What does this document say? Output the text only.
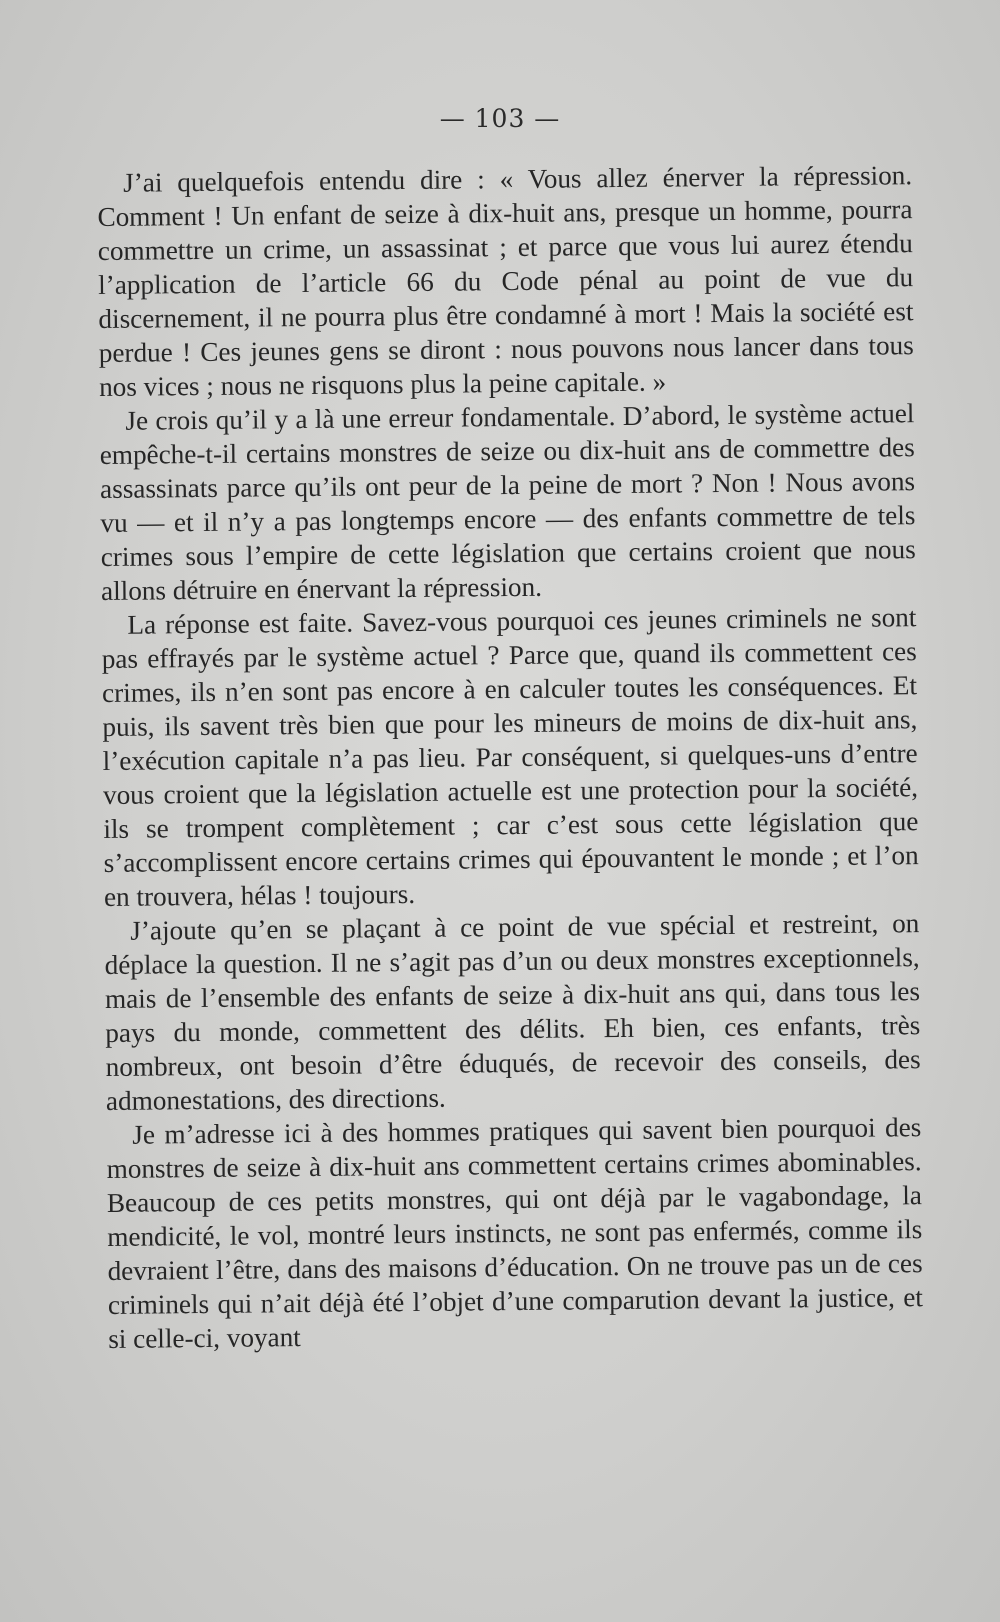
— 103 —

J’ai quelquefois entendu dire : « Vous allez énerver la répression. Comment ! Un enfant de seize à dix-huit ans, presque un homme, pourra commettre un crime, un assassinat ; et parce que vous lui aurez étendu l’application de l’article 66 du Code pénal au point de vue du discernement, il ne pourra plus être condamné à mort ! Mais la société est perdue ! Ces jeunes gens se diront : nous pouvons nous lancer dans tous nos vices ; nous ne risquons plus la peine capitale. »

Je crois qu’il y a là une erreur fondamentale. D’abord, le système actuel empêche-t-il certains monstres de seize ou dix-huit ans de commettre des assassinats parce qu’ils ont peur de la peine de mort ? Non ! Nous avons vu — et il n’y a pas longtemps encore — des enfants commettre de tels crimes sous l’empire de cette législation que certains croient que nous allons détruire en énervant la répression.

La réponse est faite. Savez-vous pourquoi ces jeunes criminels ne sont pas effrayés par le système actuel ? Parce que, quand ils commettent ces crimes, ils n’en sont pas encore à en calculer toutes les conséquences. Et puis, ils savent très bien que pour les mineurs de moins de dix-huit ans, l’exécution capitale n’a pas lieu. Par conséquent, si quelques-uns d’entre vous croient que la législation actuelle est une protection pour la société, ils se trompent complètement ; car c’est sous cette législation que s’accomplissent encore certains crimes qui épouvantent le monde ; et l’on en trouvera, hélas ! toujours.

J’ajoute qu’en se plaçant à ce point de vue spécial et restreint, on déplace la question. Il ne s’agit pas d’un ou deux monstres exceptionnels, mais de l’ensemble des enfants de seize à dix-huit ans qui, dans tous les pays du monde, commettent des délits. Eh bien, ces enfants, très nombreux, ont besoin d’être éduqués, de recevoir des conseils, des admonestations, des directions.

Je m’adresse ici à des hommes pratiques qui savent bien pourquoi des monstres de seize à dix-huit ans commettent certains crimes abominables. Beaucoup de ces petits monstres, qui ont déjà par le vagabondage, la mendicité, le vol, montré leurs instincts, ne sont pas enfermés, comme ils devraient l’être, dans des maisons d’éducation. On ne trouve pas un de ces criminels qui n’ait déjà été l’objet d’une comparution devant la justice, et si celle-ci, voyant
